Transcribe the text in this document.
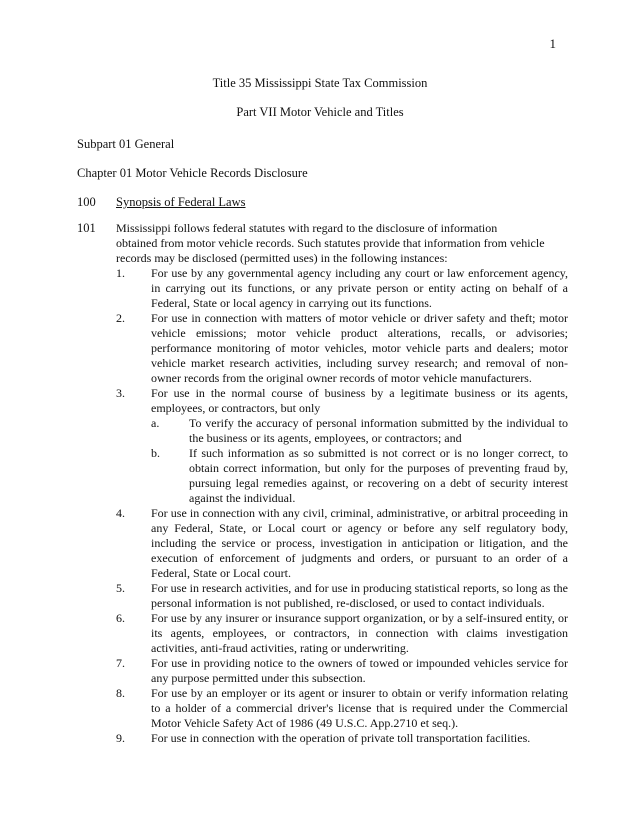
1
Title 35 Mississippi State Tax Commission
Part VII Motor Vehicle and Titles
Subpart 01 General
Chapter 01 Motor Vehicle Records Disclosure
100 Synopsis of Federal Laws
101 Mississippi follows federal statutes with regard to the disclosure of information
obtained from motor vehicle records. Such statutes provide that information from vehicle records may be disclosed (permitted uses) in the following instances:
1.	For use by any governmental agency including any court or law enforcement agency, in carrying out its functions, or any private person or entity acting on behalf of a Federal, State or local agency in carrying out its functions.
2.	For use in connection with matters of motor vehicle or driver safety and theft; motor vehicle emissions; motor vehicle product alterations, recalls, or advisories; performance monitoring of motor vehicles, motor vehicle parts and dealers; motor vehicle market research activities, including survey research; and removal of non-owner records from the original owner records of motor vehicle manufacturers.
3.	For use in the normal course of business by a legitimate business or its agents, employees, or contractors, but only
a.	To verify the accuracy of personal information submitted by the individual to the business or its agents, employees, or contractors; and
b.	If such information as so submitted is not correct or is no longer correct, to obtain correct information, but only for the purposes of preventing fraud by, pursuing legal remedies against, or recovering on a debt of security interest against the individual.
4.	For use in connection with any civil, criminal, administrative, or arbitral proceeding in any Federal, State, or Local court or agency or before any self regulatory body, including the service or process, investigation in anticipation or litigation, and the execution of enforcement of judgments and orders, or pursuant to an order of a Federal, State or Local court.
5.	For use in research activities, and for use in producing statistical reports, so long as the personal information is not published, re-disclosed, or used to contact individuals.
6.	For use by any insurer or insurance support organization, or by a self-insured entity, or its agents, employees, or contractors, in connection with claims investigation activities, anti-fraud activities, rating or underwriting.
7.	For use in providing notice to the owners of towed or impounded vehicles service for any purpose permitted under this subsection.
8.	For use by an employer or its agent or insurer to obtain or verify information relating to a holder of a commercial driver's license that is required under the Commercial Motor Vehicle Safety Act of 1986 (49 U.S.C. App.2710 et seq.).
9.	For use in connection with the operation of private toll transportation facilities.
